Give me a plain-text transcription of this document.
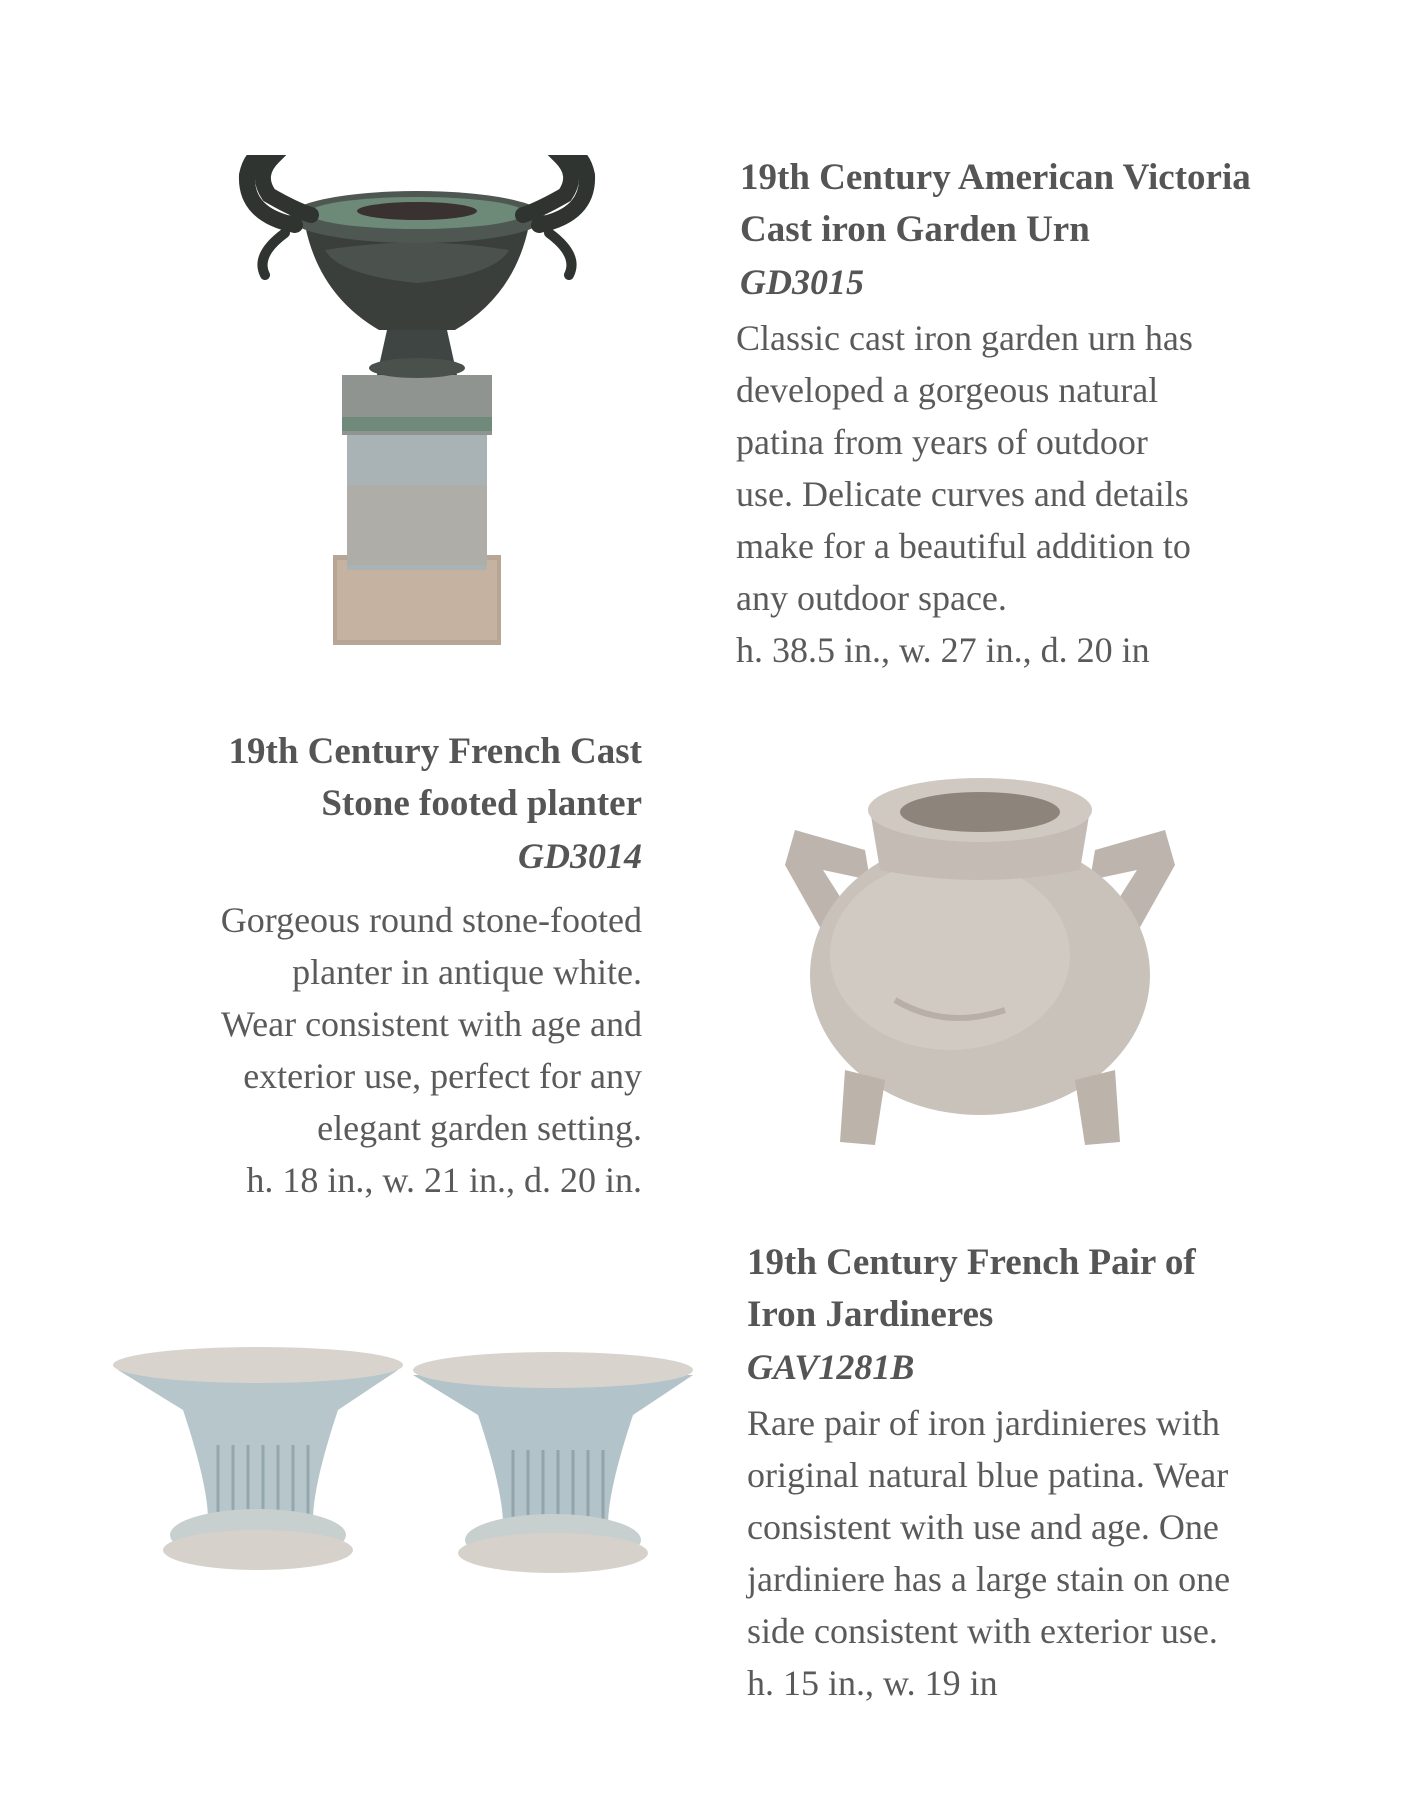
19th Century American Victoria
Cast iron Garden Urn
GD3015
Classic cast iron garden urn has
developed a gorgeous natural
patina from years of outdoor
use. Delicate curves and details
make for a beautiful addition to
any outdoor space.
h. 38.5 in., w. 27 in., d. 20 in
19th Century French Cast
Stone footed planter
GD3014
Gorgeous round stone-footed
planter in antique white.
Wear consistent with age and
exterior use, perfect for any
elegant garden setting.
h. 18 in., w. 21 in., d. 20 in.
19th Century French Pair of
Iron Jardineres
GAV1281B
Rare pair of iron jardinieres with
original natural blue patina. Wear
consistent with use and age. One
jardiniere has a large stain on one
side consistent with exterior use.
h. 15 in., w. 19 in
